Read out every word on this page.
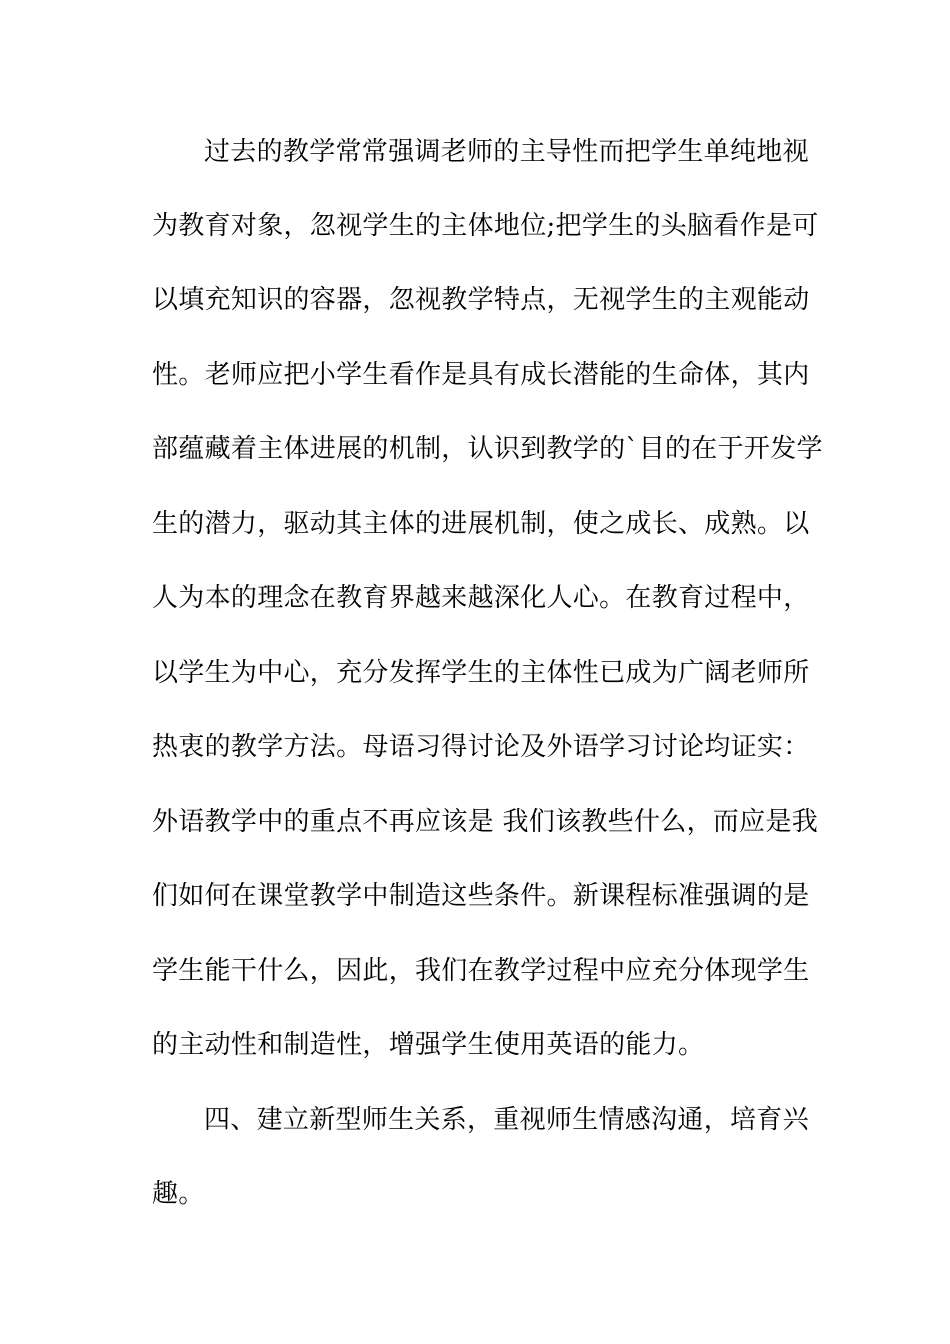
过去的教学常常强调老师的主导性而把学生单纯地视
为教育对象，忽视学生的主体地位;把学生的头脑看作是可
以填充知识的容器，忽视教学特点，无视学生的主观能动
性。老师应把小学生看作是具有成长潜能的生命体，其内
部蕴藏着主体进展的机制，认识到教学的`目的在于开发学
生的潜力，驱动其主体的进展机制，使之成长、成熟。以
人为本的理念在教育界越来越深化人心。在教育过程中，
以学生为中心，充分发挥学生的主体性已成为广阔老师所
热衷的教学方法。母语习得讨论及外语学习讨论均证实：
外语教学中的重点不再应该是 我们该教些什么，而应是我
们如何在课堂教学中制造这些条件。新课程标准强调的是
学生能干什么，因此，我们在教学过程中应充分体现学生
的主动性和制造性，增强学生使用英语的能力。
四、建立新型师生关系，重视师生情感沟通，培育兴
趣。
